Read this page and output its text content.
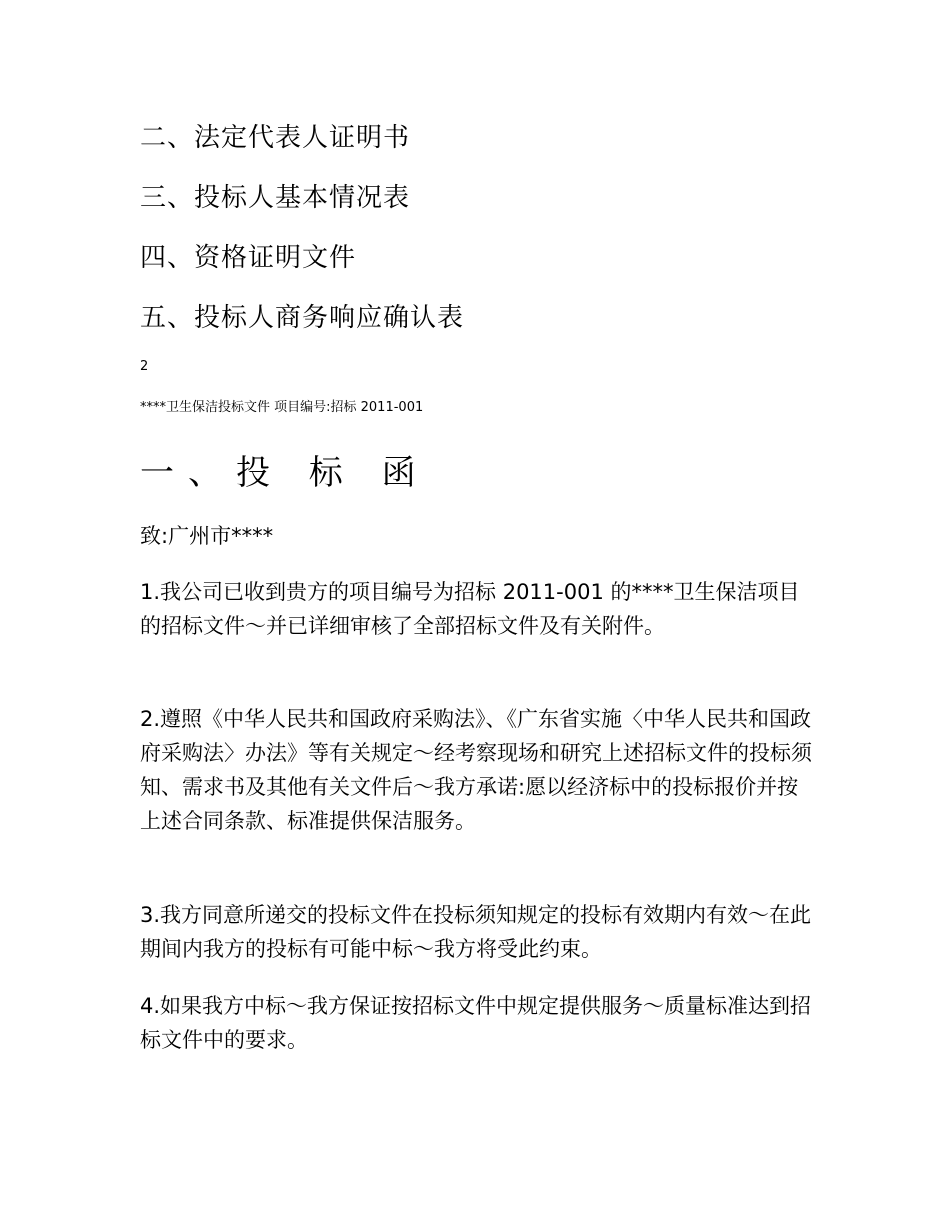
二、法定代表人证明书
三、投标人基本情况表
四、资格证明文件
五、投标人商务响应确认表
2
****卫生保洁投标文件 项目编号:招标 2011-001
一、投 标 函
致:广州市****

1.我公司已收到贵方的项目编号为招标 2011-001 的****卫生保洁项目的招标文件～并已详细审核了全部招标文件及有关附件。

2.遵照《中华人民共和国政府采购法》、《广东省实施〈中华人民共和国政府采购法〉办法》等有关规定～经考察现场和研究上述招标文件的投标须知、需求书及其他有关文件后～我方承诺:愿以经济标中的投标报价并按上述合同条款、标准提供保洁服务。

3.我方同意所递交的投标文件在投标须知规定的投标有效期内有效～在此期间内我方的投标有可能中标～我方将受此约束。

4.如果我方中标～我方保证按招标文件中规定提供服务～质量标准达到招标文件中的要求。
